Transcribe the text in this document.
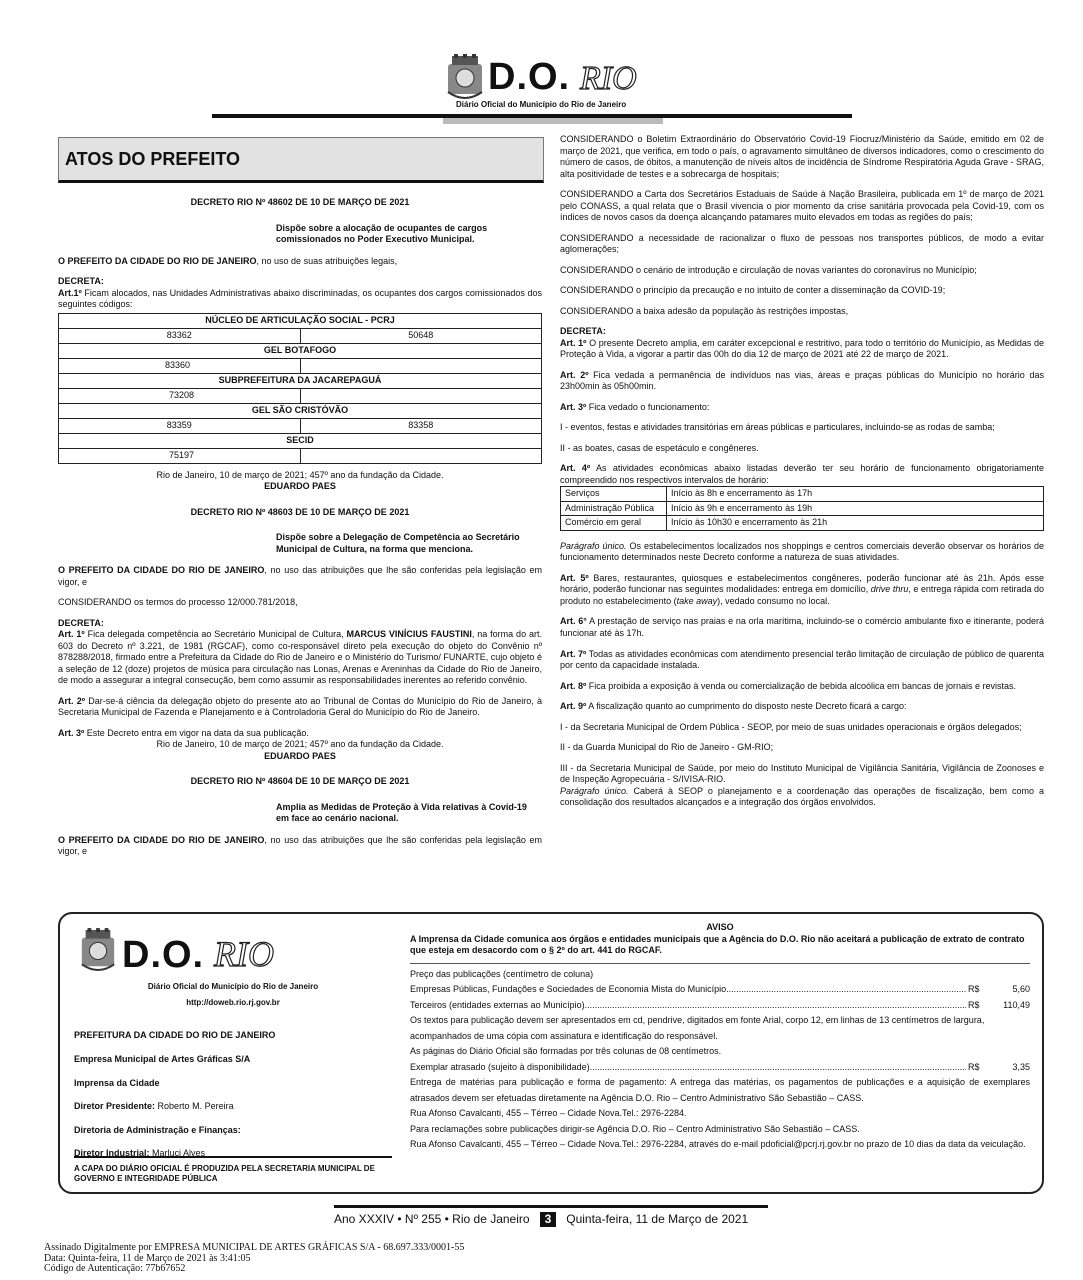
D.O. RIO
Diário Oficial do Município do Rio de Janeiro
ATOS DO PREFEITO
DECRETO RIO Nº 48602 DE 10 DE MARÇO DE 2021
Dispõe sobre a alocação de ocupantes de cargos comissionados no Poder Executivo Municipal.

O PREFEITO DA CIDADE DO RIO DE JANEIRO, no uso de suas atribuições legais,

DECRETA:
Art.1º Ficam alocados, nas Unidades Administrativas abaixo discriminadas, os ocupantes dos cargos comissionados dos seguintes códigos:
NÚCLEO DE ARTICULAÇÃO SOCIAL - PCRJ	
83362	50648
GEL BOTAFOGO	
83360	
SUBPREFEITURA DA JACAREPAGUÁ	
73208	
GEL SÃO CRISTÓVÃO	
83359	83358
SECID	
75197	
Rio de Janeiro, 10 de março de 2021; 457º ano da fundação da Cidade.
EDUARDO PAES
DECRETO RIO Nº 48603 DE 10 DE MARÇO DE 2021
Dispõe sobre a Delegação de Competência ao Secretário Municipal de Cultura, na forma que menciona.

O PREFEITO DA CIDADE DO RIO DE JANEIRO, no uso das atribuições que lhe são conferidas pela legislação em vigor, e

CONSIDERANDO os termos do processo 12/000.781/2018,

DECRETA:

Art. 1º Fica delegada competência ao Secretário Municipal de Cultura, MARCUS VINÍCIUS FAUSTINI, na forma do art. 603 do Decreto nº 3.221, de 1981 (RGCAF), como co-responsável direto pela execução do objeto do Convênio nº 878288/2018, firmado entre a Prefeitura da Cidade do Rio de Janeiro e o Ministério do Turismo/ FUNARTE, cujo objeto é a seleção de 12 (doze) projetos de música para circulação nas Lonas, Arenas e Areninhas da Cidade do Rio de Janeiro, de modo a assegurar a integral consecução, bem como assumir as responsabilidades inerentes ao referido convênio.

Art. 2º Dar-se-á ciência da delegação objeto do presente ato ao Tribunal de Contas do Município do Rio de Janeiro, à Secretaria Municipal de Fazenda e Planejamento e à Controladoria Geral do Município do Rio de Janeiro.

Art. 3º Este Decreto entra em vigor na data da sua publicação.
Rio de Janeiro, 10 de março de 2021; 457º ano da fundação da Cidade.
EDUARDO PAES
DECRETO RIO Nº 48604 DE 10 DE MARÇO DE 2021
Amplia as Medidas de Proteção à Vida relativas à Covid-19 em face ao cenário nacional.

O PREFEITO DA CIDADE DO RIO DE JANEIRO, no uso das atribuições que lhe são conferidas pela legislação em vigor, e

CONSIDERANDO o Boletim Extraordinário do Observatório Covid-19 Fiocruz/Ministério da Saúde, emitido em 02 de março de 2021, que verifica, em todo o país, o agravamento simultâneo de diversos indicadores, como o crescimento do número de casos, de óbitos, a manutenção de níveis altos de incidência de Síndrome Respiratória Aguda Grave - SRAG, alta positividade de testes e a sobrecarga de hospitais;

CONSIDERANDO a Carta dos Secretários Estaduais de Saúde à Nação Brasileira, publicada em 1º de março de 2021 pelo CONASS, a qual relata que o Brasil vivencia o pior momento da crise sanitária provocada pela Covid-19, com os índices de novos casos da doença alcançando patamares muito elevados em todas as regiões do país;

CONSIDERANDO a necessidade de racionalizar o fluxo de pessoas nos transportes públicos, de modo a evitar aglomerações;

CONSIDERANDO o cenário de introdução e circulação de novas variantes do coronavírus no Município;

CONSIDERANDO o princípio da precaução e no intuito de conter a disseminação da COVID-19;

CONSIDERANDO a baixa adesão da população às restrições impostas,

DECRETA:

Art. 1º O presente Decreto amplia, em caráter excepcional e restritivo, para todo o território do Município, as Medidas de Proteção à Vida, a vigorar a partir das 00h do dia 12 de março de 2021 até 22 de março de 2021.

Art. 2º Fica vedada a permanência de indivíduos nas vias, áreas e praças públicas do Município no horário das 23h00min às 05h00min.

Art. 3º Fica vedado o funcionamento:

I - eventos, festas e atividades transitórias em áreas públicas e particulares, incluindo-se as rodas de samba;

II - as boates, casas de espetáculo e congêneres.

Art. 4º As atividades econômicas abaixo listadas deverão ter seu horário de funcionamento obrigatoriamente compreendido nos respectivos intervalos de horário:
Serviços	Início às 8h e encerramento às 17h
Administração Pública	Início às 9h e encerramento às 19h
Comércio em geral	Início às 10h30 e encerramento às 21h

Parágrafo único. Os estabelecimentos localizados nos shoppings e centros comerciais deverão observar os horários de funcionamento determinados neste Decreto conforme a natureza de suas atividades.

Art. 5º Bares, restaurantes, quiosques e estabelecimentos congêneres, poderão funcionar até às 21h. Após esse horário, poderão funcionar nas seguintes modalidades: entrega em domicílio, drive thru, e entrega rápida com retirada do produto no estabelecimento (take away), vedado consumo no local.

Art. 6° A prestação de serviço nas praias e na orla marítima, incluindo-se o comércio ambulante fixo e itinerante, poderá funcionar até às 17h.

Art. 7º Todas as atividades econômicas com atendimento presencial terão limitação de circulação de público de quarenta por cento da capacidade instalada.

Art. 8º Fica proibida a exposição à venda ou comercialização de bebida alcoólica em bancas de jornais e revistas.

Art. 9º A fiscalização quanto ao cumprimento do disposto neste Decreto ficará a cargo:

I - da Secretaria Municipal de Ordem Pública - SEOP, por meio de suas unidades operacionais e órgãos delegados;

II - da Guarda Municipal do Rio de Janeiro - GM-RIO;

III - da Secretaria Municipal de Saúde, por meio do Instituto Municipal de Vigilância Sanitária, Vigilância de Zoonoses e de Inspeção Agropecuária - S/IVISA-RIO.
Parágrafo único. Caberá à SEOP o planejamento e a coordenação das operações de fiscalização, bem como a consolidação dos resultados alcançados e a integração dos órgãos envolvidos.
D.O. RIO
Diário Oficial do Município do Rio de Janeiro
http://doweb.rio.rj.gov.br
PREFEITURA DA CIDADE DO RIO DE JANEIRO
Empresa Municipal de Artes Gráficas S/A
Imprensa da Cidade
Diretor Presidente: Roberto M. Pereira
Diretoria de Administração e Finanças:
Diretor Industrial: Marluci Alves
A CAPA DO DIÁRIO OFICIAL É PRODUZIDA PELA SECRETARIA MUNICIPAL DE GOVERNO E INTEGRIDADE PÚBLICA
AVISO
A Imprensa da Cidade comunica aos órgãos e entidades municipais que a Agência do D.O. Rio não aceitará a publicação de extrato de contrato que esteja em desacordo com o § 2º do art. 441 do RGCAF.
Preço das publicações (centímetro de coluna)
Empresas Públicas, Fundações e Sociedades de Economia Mista do Município .....	R$	5,60
Terceiros (entidades externas ao Município) .....	R$	110,49
Os textos para publicação devem ser apresentados em cd, pendrive, digitados em fonte Arial, corpo 12, em linhas de 13 centímetros de largura, acompanhados de uma cópia com assinatura e identificação do responsável.
As páginas do Diário Oficial são formadas por três colunas de 08 centímetros.
Exemplar atrasado (sujeito à disponibilidade) .....	R$	3,35
Entrega de matérias para publicação e forma de pagamento: A entrega das matérias, os pagamentos de publicações e a aquisição de exemplares atrasados devem ser efetuadas diretamente na Agência D.O. Rio – Centro Administrativo São Sebastião – CASS.
Rua Afonso Cavalcanti, 455 – Térreo – Cidade Nova.Tel.: 2976-2284.
Para reclamações sobre publicações dirigir-se Agência D.O. Rio – Centro Administrativo São Sebastião – CASS.
Rua Afonso Cavalcanti, 455 – Térreo – Cidade Nova.Tel.: 2976-2284, através do e-mail pdoficial@pcrj.rj.gov.br no prazo de 10 dias da data da veiculação.
Ano XXXIV • Nº 255 • Rio de Janeiro	3	Quinta-feira, 11 de Março de 2021
Assinado Digitalmente por EMPRESA MUNICIPAL DE ARTES GRÁFICAS S/A - 68.697.333/0001-55
Data: Quinta-feira, 11 de Março de 2021 às 3:41:05
Código de Autenticação: 77b67652
